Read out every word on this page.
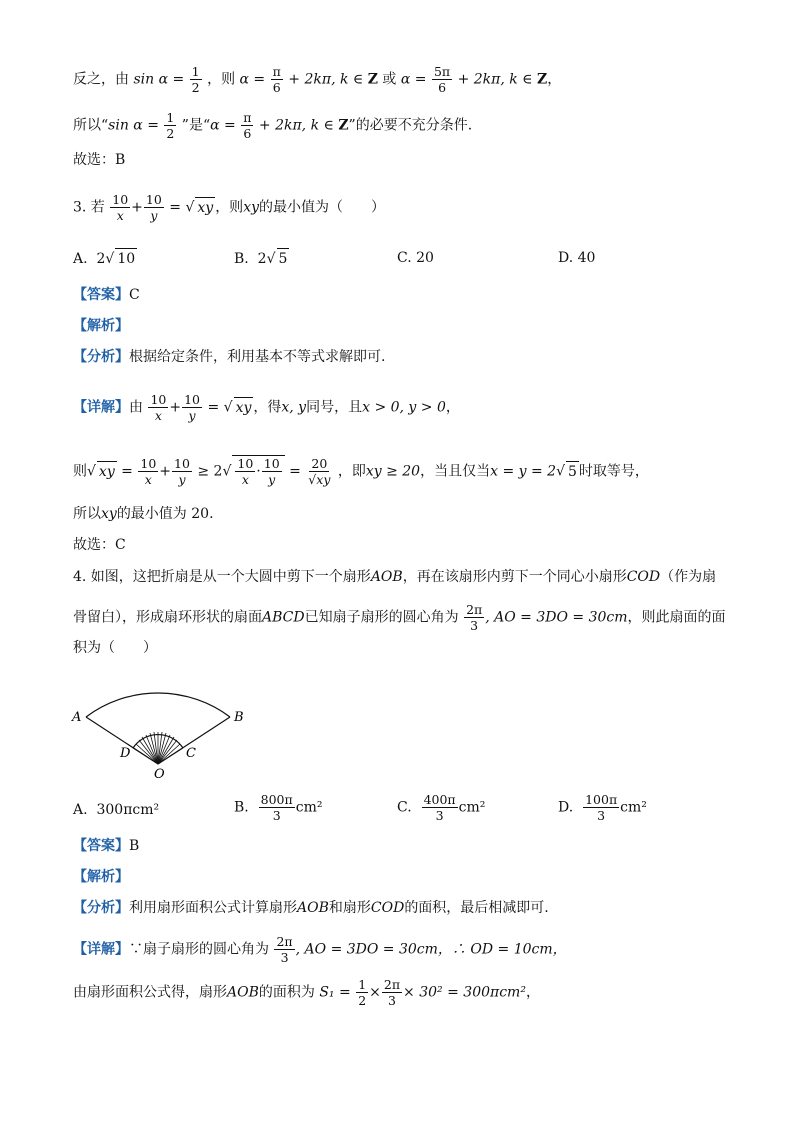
反之，由 $\sin \alpha = \frac{1}{2}$ ，则 $\alpha = \frac{\pi}{6} + 2k\pi$, k ∈ Z 或 $\alpha = \frac{5\pi}{6} + 2k\pi$, k ∈ Z，
所以“sin $\alpha = \frac{1}{2}$ ”是“$\alpha = \frac{\pi}{6} + 2k\pi$, k ∈ Z”的必要不充分条件.
故选：B
3. 若 $\frac{10}{x} + \frac{10}{y}$ = √ xy ，则xy的最小值为（　　）
A. 2√ 10	B. 2√ 5	C. 20	D. 40
【答案】C
【解析】
【分析】根据给定条件，利用基本不等式求解即可.
【详解】由 $\frac{10}{x} + \frac{10}{y}$ = √ xy ，得x, y同号，且x > 0, y > 0，
则√ xy = $\frac{10}{x} + \frac{10}{y} \ge 2√ \frac{10}{x} \cdot \frac{10}{y} = \frac{20}{√xy}$ ，即xy ≥ 20，当且仅当x = y = 2√ 5 时取等号，
所以xy的最小值为 20.
故选：C
4. 如图，这把折扇是从一个大圆中剪下一个扇形AOB，再在该扇形内剪下一个同心小扇形COD（作为扇
骨留白），形成扇环形状的扇面ABCD已知扇子扇形的圆心角为 $\frac{2\pi}{3}$ , AO = 3DO = 30cm，则此扇面的面
积为（　　）
A	B
C
D
O
A. 300πcm²	B. $\frac{800\pi}{3} cm^2$	C. $\frac{400\pi}{3} cm^2$	D. $\frac{100\pi}{3} cm^2$
【答案】B
【解析】
【分析】利用扇形面积公式计算扇形AOB和扇形COD的面积，最后相减即可.
【详解】∵扇子扇形的圆心角为 $\frac{2\pi}{3}$ , AO = 3DO = 30cm，∴ OD = 10cm，
由扇形面积公式得，扇形AOB的面积为 $S_1 = \frac{1}{2} \times \frac{2\pi}{3} \times 30^2 = 300\pi cm^2$，
